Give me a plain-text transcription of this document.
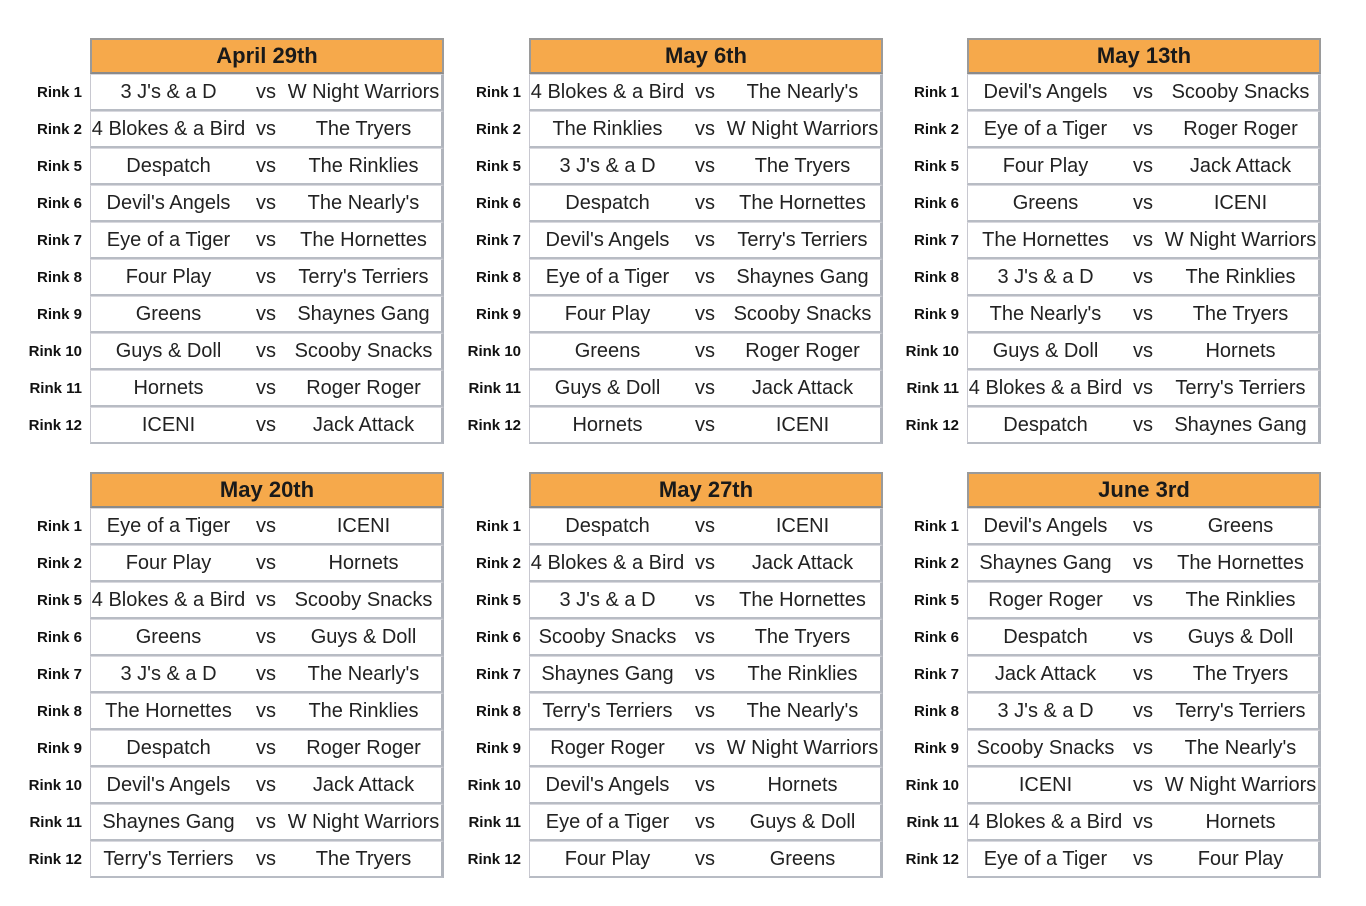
April 29th
Rink 1	3 J's & a D	vs W Night Warriors
Rink 2 4 Blokes & a Bird vs	The Tryers
Rink 5	Despatch	vs	The Rinklies
Rink 6	Devil's Angels	vs	The Nearly's
Rink 7	Eye of a Tiger	vs	The Hornettes
Rink 8	Four Play	vs	Terry's Terriers
Rink 9	Greens	vs	Shaynes Gang
Rink 10	Guys & Doll	vs Scooby Snacks
Rink 11	Hornets	vs	Roger Roger
Rink 12	ICENI	vs	Jack Attack
May 6th
Rink 1 4 Blokes & a Bird vs	The Nearly's
Rink 2	The Rinklies	vs W Night Warriors
Rink 5	3 J's & a D	vs	The Tryers
Rink 6	Despatch	vs	The Hornettes
Rink 7	Devil's Angels	vs	Terry's Terriers
Rink 8	Eye of a Tiger	vs	Shaynes Gang
Rink 9	Four Play	vs Scooby Snacks
Rink 10	Greens	vs	Roger Roger
Rink 11	Guys & Doll	vs	Jack Attack
Rink 12	Hornets	vs	ICENI
May 13th
Rink 1	Devil's Angels	vs Scooby Snacks
Rink 2	Eye of a Tiger	vs	Roger Roger
Rink 5	Four Play	vs	Jack Attack
Rink 6	Greens	vs	ICENI
Rink 7	The Hornettes	vs W Night Warriors
Rink 8	3 J's & a D	vs	The Rinklies
Rink 9	The Nearly's	vs	The Tryers
Rink 10	Guys & Doll	vs	Hornets
Rink 11 4 Blokes & a Bird vs	Terry's Terriers
Rink 12	Despatch	vs	Shaynes Gang
May 20th
Rink 1	Eye of a Tiger	vs	ICENI
Rink 2	Four Play	vs	Hornets
Rink 5 4 Blokes & a Bird vs Scooby Snacks
Rink 6	Greens	vs	Guys & Doll
Rink 7	3 J's & a D	vs	The Nearly's
Rink 8	The Hornettes	vs	The Rinklies
Rink 9	Despatch	vs	Roger Roger
Rink 10	Devil's Angels	vs	Jack Attack
Rink 11	Shaynes Gang	vs W Night Warriors
Rink 12	Terry's Terriers	vs	The Tryers
May 27th
Rink 1	Despatch	vs	ICENI
Rink 2 4 Blokes & a Bird vs	Jack Attack
Rink 5	3 J's & a D	vs	The Hornettes
Rink 6 Scooby Snacks vs	The Tryers
Rink 7	Shaynes Gang	vs	The Rinklies
Rink 8	Terry's Terriers	vs	The Nearly's
Rink 9	Roger Roger	vs W Night Warriors
Rink 10	Devil's Angels	vs	Hornets
Rink 11	Eye of a Tiger	vs	Guys & Doll
Rink 12	Four Play	vs	Greens
June 3rd
Rink 1	Devil's Angels	vs	Greens
Rink 2	Shaynes Gang	vs	The Hornettes
Rink 5	Roger Roger	vs	The Rinklies
Rink 6	Despatch	vs	Guys & Doll
Rink 7	Jack Attack	vs	The Tryers
Rink 8	3 J's & a D	vs	Terry's Terriers
Rink 9 Scooby Snacks vs	The Nearly's
Rink 10	ICENI	vs W Night Warriors
Rink 11 4 Blokes & a Bird vs	Hornets
Rink 12	Eye of a Tiger	vs	Four Play
